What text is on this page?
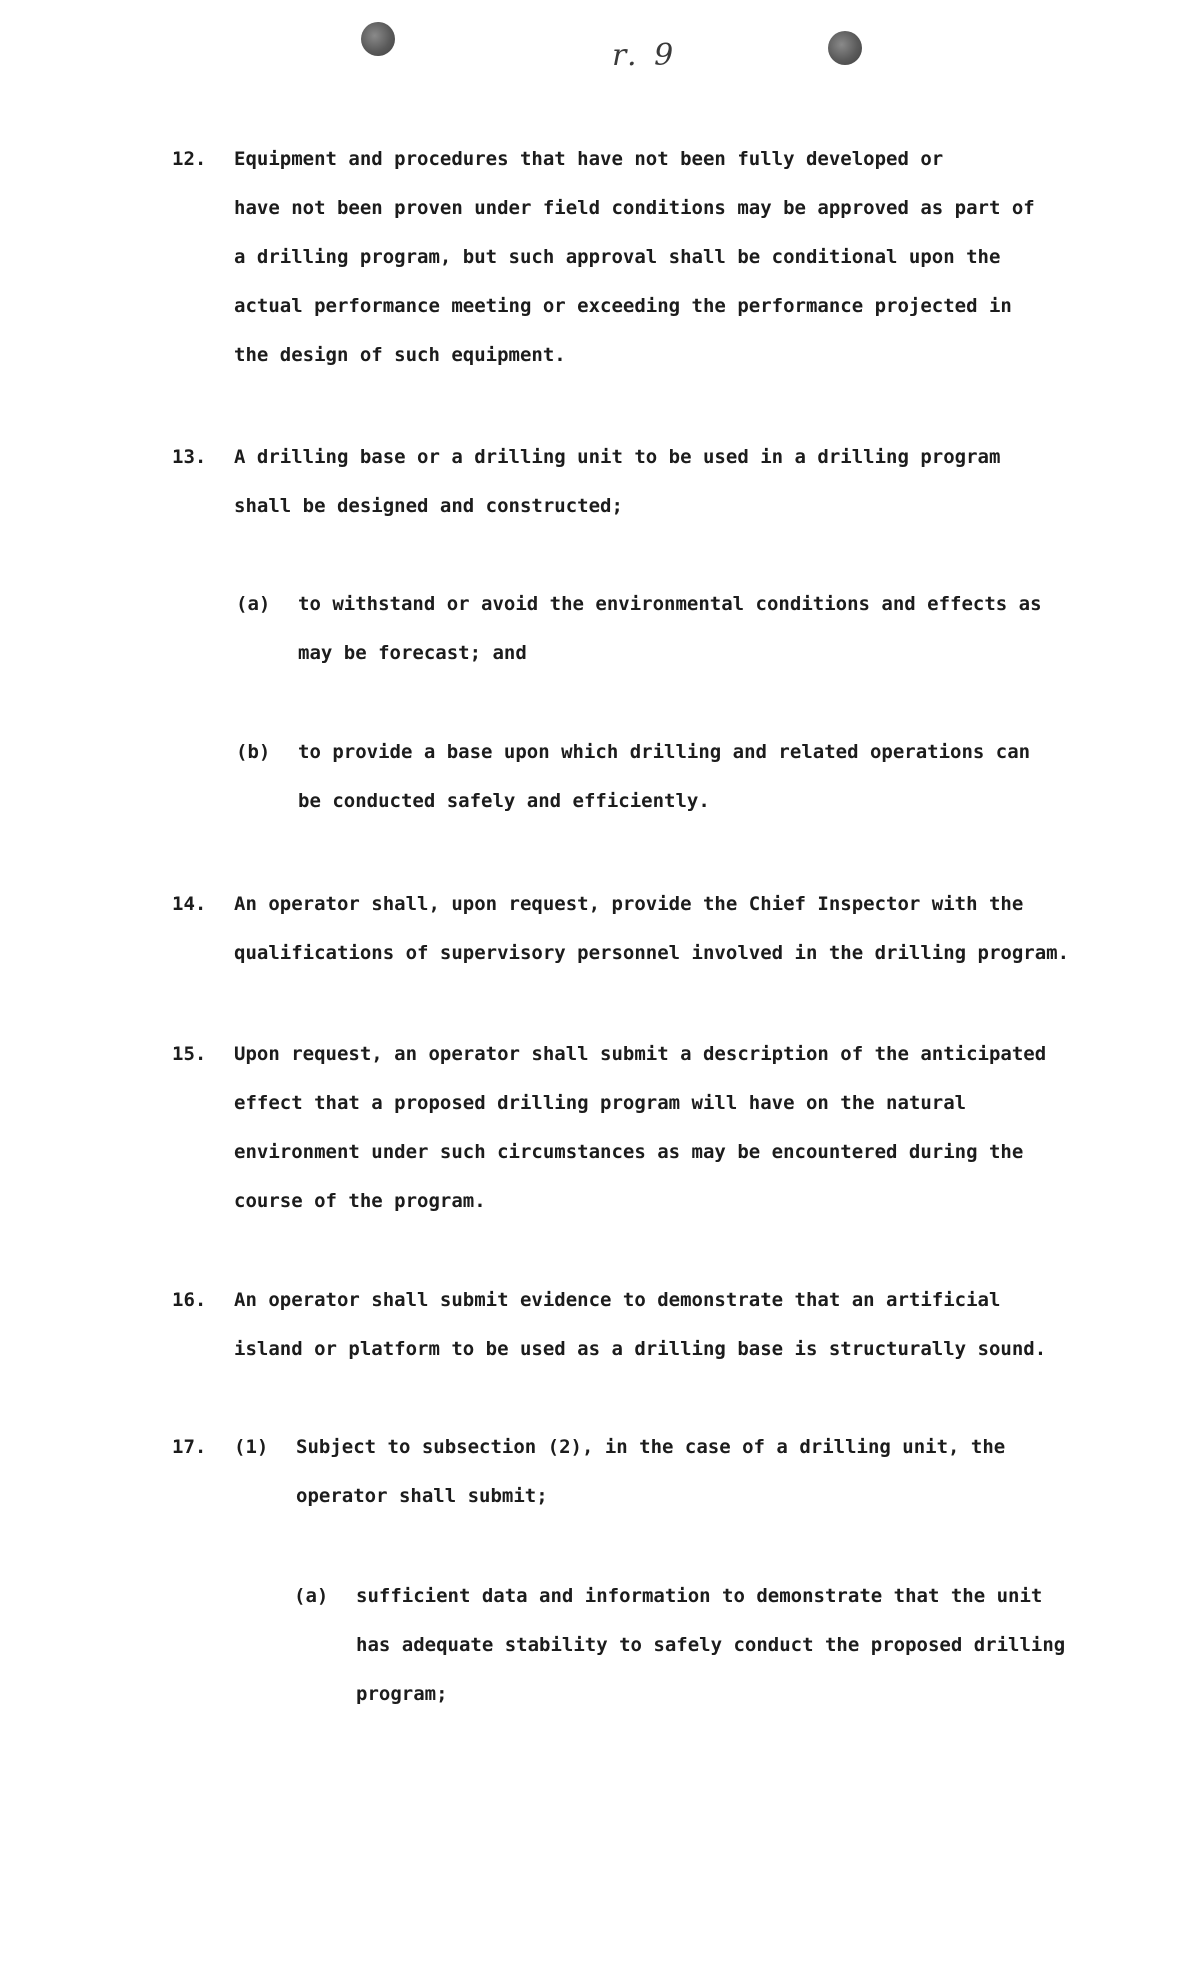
r. 9
12. Equipment and procedures that have not been fully developed or
have not been proven under field conditions may be approved as part of
a drilling program, but such approval shall be conditional upon the
actual performance meeting or exceeding the performance projected in
the design of such equipment.
13. A drilling base or a drilling unit to be used in a drilling program
shall be designed and constructed;
(a) to withstand or avoid the environmental conditions and effects as
may be forecast; and
(b) to provide a base upon which drilling and related operations can
be conducted safely and efficiently.
14. An operator shall, upon request, provide the Chief Inspector with the
qualifications of supervisory personnel involved in the drilling program.
15. Upon request, an operator shall submit a description of the anticipated
effect that a proposed drilling program will have on the natural
environment under such circumstances as may be encountered during the
course of the program.
16. An operator shall submit evidence to demonstrate that an artificial
island or platform to be used as a drilling base is structurally sound.
17. (1) Subject to subsection (2), in the case of a drilling unit, the
operator shall submit;
(a) sufficient data and information to demonstrate that the unit
has adequate stability to safely conduct the proposed drilling
program;
